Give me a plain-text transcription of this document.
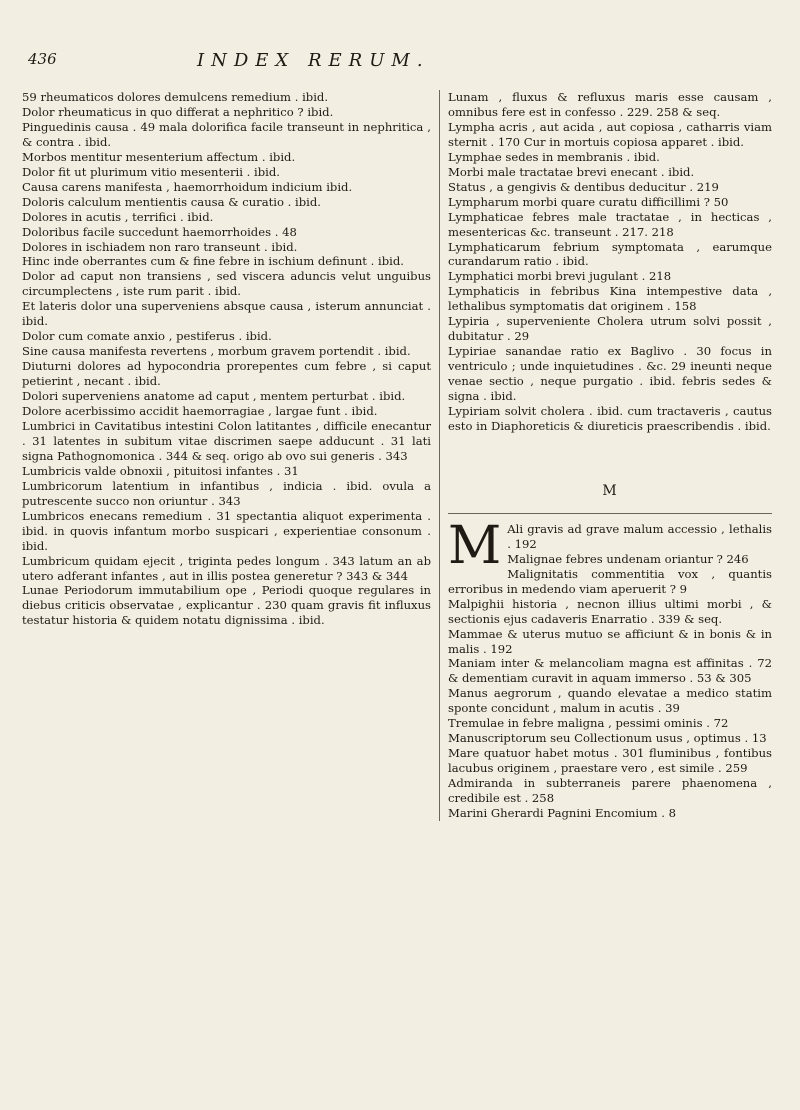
436	INDEX RERUM.

59 rheumaticos dolores demulcens remedium . ibid.

Dolor rheumaticus in quo differat a nephritico ? ibid.

Pinguedinis causa . 49 mala dolorifica facile transeunt in nephritica , & contra . ibid.

Morbos mentitur mesenterium affectum . ibid.

Dolor fit ut plurimum vitio mesenterii . ibid.

Causa carens manifesta , haemorrhoidum indicium ibid.

Doloris calculum mentientis causa & curatio . ibid.

Dolores in acutis , terrifici . ibid.

Doloribus facile succedunt haemorrhoides . 48

Dolores in ischiadem non raro transeunt . ibid.

Hinc inde oberrantes cum & fine febre in ischium definunt . ibid.

Dolor ad caput non transiens , sed viscera aduncis velut unguibus circumplectens , iste rum parit . ibid.

Et lateris dolor una superveniens absque causa , isterum annunciat . ibid.

Dolor cum comate anxio , pestiferus . ibid.

Sine causa manifesta revertens , morbum gravem portendit . ibid.

Diuturni dolores ad hypocondria prorepentes cum febre , si caput petierint , necant . ibid.

Dolori superveniens anatome ad caput , mentem perturbat . ibid.

Dolore acerbissimo accidit haemorragiae , largae funt . ibid.

Lumbrici in Cavitatibus intestini Colon latitantes , difficile enecantur . 31 latentes in subitum vitae discrimen saepe adducunt . 31 lati signa Pathognomonica . 344 & seq. origo ab ovo sui generis . 343

Lumbricis valde obnoxii , pituitosi infantes . 31

Lumbricorum latentium in infantibus , indicia . ibid. ovula a putrescente succo non oriuntur . 343

Lumbricos enecans remedium . 31 spectantia aliquot experimenta . ibid. in quovis infantum morbo suspicari , experientiae consonum . ibid.

Lumbricum quidam ejecit , triginta pedes longum . 343 latum an ab utero adferant infantes , aut in illis postea generetur ? 343 & 344

Lunae Periodorum immutabilium ope , Periodi quoque regulares in diebus criticis observatae , explicantur . 230 quam gravis fit influxus testatur historia & quidem notatu dignissima . ibid.

Lunam , fluxus & refluxus maris esse causam , omnibus fere est in confesso . 229. 258 & seq.

Lympha acris , aut acida , aut copiosa , catharris viam sternit . 170 Cur in mortuis copiosa apparet . ibid.

Lymphae sedes in membranis . ibid.

Morbi male tractatae brevi enecant . ibid.

Status , a gengivis & dentibus deducitur . 219

Lympharum morbi quare curatu difficillimi ? 50

Lymphaticae febres male tractatae , in hecticas , mesentericas &c. transeunt . 217. 218

Lymphaticarum febrium symptomata , earumque curandarum ratio . ibid.

Lymphatici morbi brevi jugulant . 218

Lymphaticis in febribus Kina intempestive data , lethalibus symptomatis dat originem . 158

Lypiria , superveniente Cholera utrum solvi possit , dubitatur . 29

Lypiriae sanandae ratio ex Baglivo . 30 focus in ventriculo ; unde inquietudines . &c. 29 ineunti neque venae sectio , neque purgatio . ibid. febris sedes & signa . ibid.

Lypiriam solvit cholera . ibid. cum tractaveris , cautus esto in Diaphoreticis & diureticis praescribendis . ibid.

M

M Ali gravis ad grave malum accessio , lethalis . 192

Malignae febres undenam oriantur ? 246

Malignitatis commentitia vox , quantis erroribus in medendo viam aperuerit ? 9

Malpighii historia , necnon illius ultimi morbi , & sectionis ejus cadaveris Enarratio . 339 & seq.

Mammae & uterus mutuo se afficiunt & in bonis & in malis . 192

Maniam inter & melancoliam magna est affinitas . 72 & dementiam curavit in aquam immerso . 53 & 305

Manus aegrorum , quando elevatae a medico statim sponte concidunt , malum in acutis . 39

Tremulae in febre maligna , pessimi ominis . 72

Manuscriptorum seu Collectionum usus , optimus . 13

Mare quatuor habet motus . 301 fluminibus , fontibus lacubus originem , praestare vero , est simile . 259

Admiranda in subterraneis parere phaenomena , credibile est . 258

Marini Gherardi Pagnini Encomium . 8
